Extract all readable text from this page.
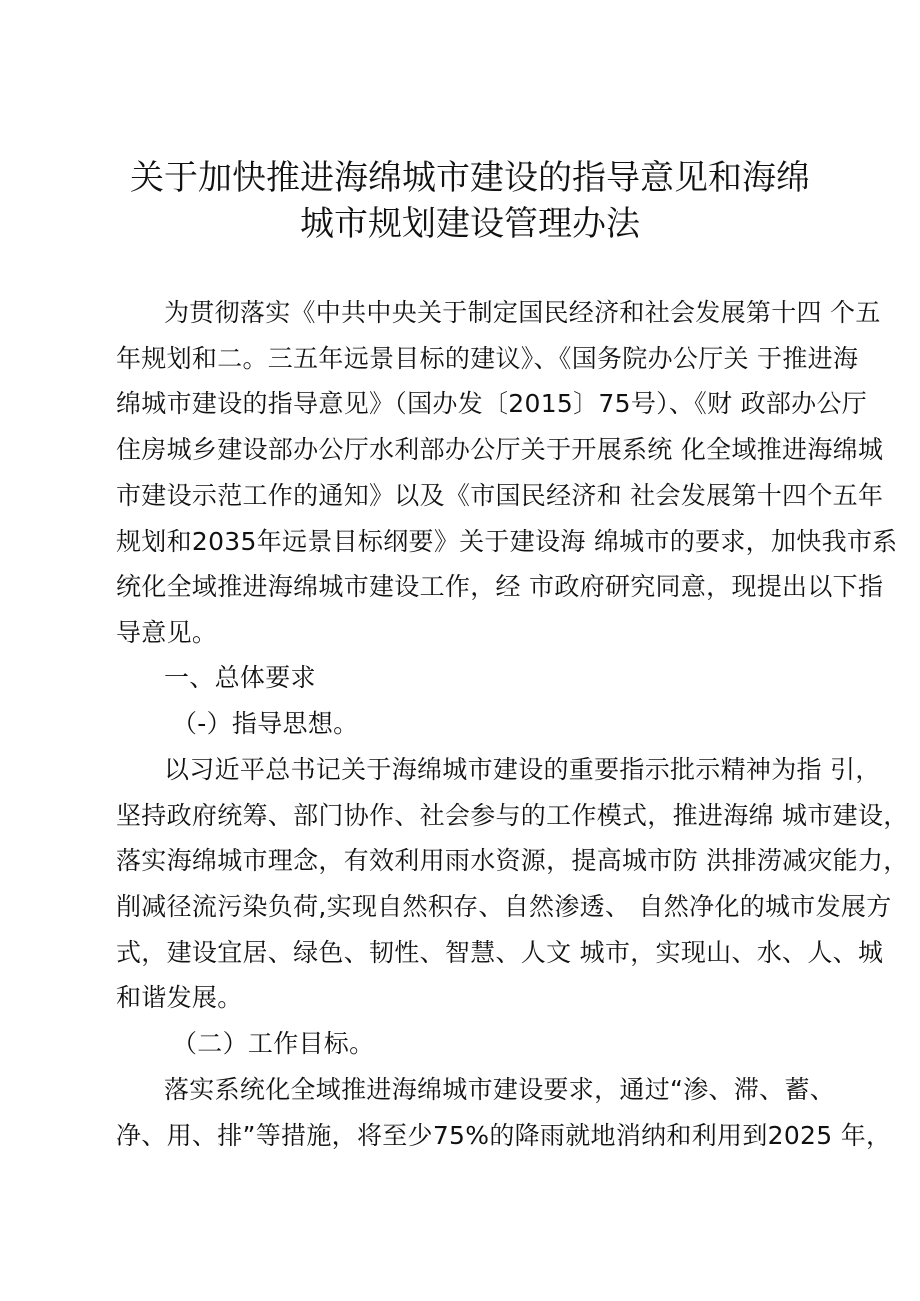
关于加快推进海绵城市建设的指导意见和海绵
城市规划建设管理办法
为贯彻落实《中共中央关于制定国民经济和社会发展第十四 个五
年规划和二。三五年远景目标的建议》、《国务院办公厅关 于推进海
绵城市建设的指导意见》（国办发〔2015〕75号）、《财 政部办公厅
住房城乡建设部办公厅水利部办公厅关于开展系统 化全域推进海绵城
市建设示范工作的通知》以及《市国民经济和 社会发展第十四个五年
规划和2035年远景目标纲要》关于建设海 绵城市的要求，加快我市系
统化全域推进海绵城市建设工作，经 市政府研究同意，现提出以下指
导意见。
一、总体要求
（-）指导思想。
以习近平总书记关于海绵城市建设的重要指示批示精神为指 引，
坚持政府统筹、部门协作、社会参与的工作模式，推进海绵 城市建设，
落实海绵城市理念，有效利用雨水资源，提高城市防 洪排涝减灾能力，
削减径流污染负荷,实现自然积存、自然渗透、 自然净化的城市发展方
式，建设宜居、绿色、韧性、智慧、人文 城市，实现山、水、人、城
和谐发展。
（二）工作目标。
落实系统化全域推进海绵城市建设要求，通过“渗、滞、蓄、
净、用、排”等措施，将至少75%的降雨就地消纳和利用到2025 年，
